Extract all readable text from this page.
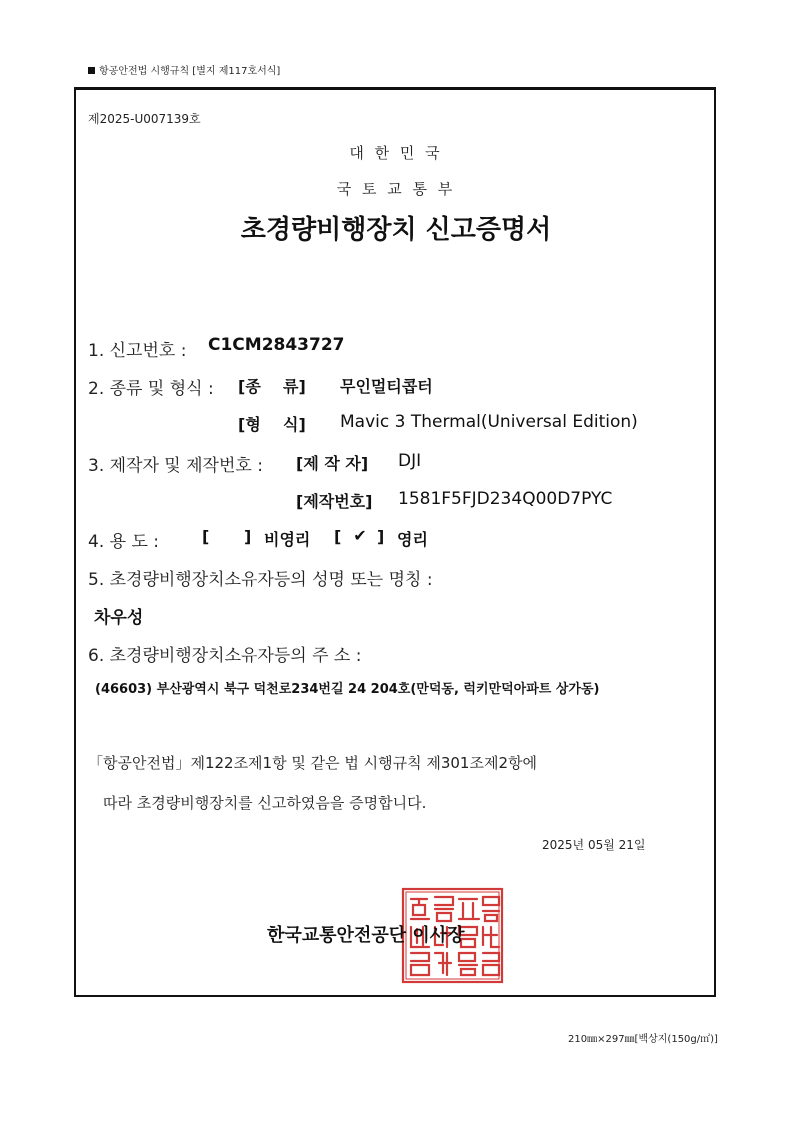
항공안전법 시행규칙 [별지 제117호서식]
제2025-U007139호
대 한 민 국
국 토 교 통 부
초경량비행장치 신고증명서
1. 신고번호 : C1CM2843727
2. 종류 및 형식 : [종    류] 무인멀티콥터
[형    식] Mavic 3 Thermal(Universal Edition)
3. 제작자 및 제작번호 : [제 작 자] DJI
[제작번호] 1581F5FJD234Q00D7PYC
4. 용 도 :	[ ] 비영리 [ ✔ ] 영리
5. 초경량비행장치소유자등의 성명 또는 명칭 :
차우성
6. 초경량비행장치소유자등의 주 소 :
(46603) 부산광역시 북구 덕천로234번길 24 204호(만덕동, 럭키만덕아파트 상가동)
「항공안전법」제122조제1항 및 같은 법 시행규칙 제301조제2항에
따라 초경량비행장치를 신고하였음을 증명합니다.
2025년 05월 21일
한국교통안전공단 이사장
210㎜×297㎜[백상지(150g/㎡)]
